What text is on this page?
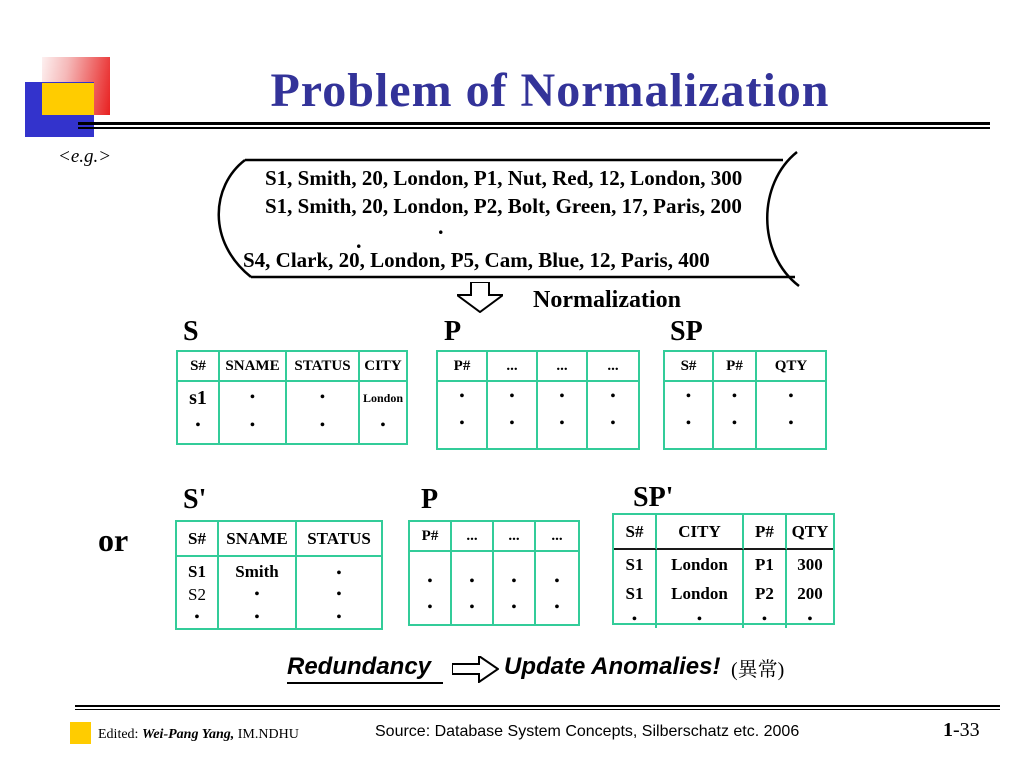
Problem of Normalization
<e.g.>
S1, Smith, 20, London, P1, Nut, Red, 12, London, 300
S1, Smith, 20, London, P2, Bolt, Green, 17, Paris, 200
.
.
S4, Clark, 20, London, P5, Cam, Blue, 12, Paris, 400
Normalization
S
S#	SNAME STATUS CITY
s1	•	•	London
•	•	•	•
P
P#	...	...	...
•	•	•	•
•	•	•	•
SP
S#	P#	QTY
•	•	•
•	•	•
or
S'
S#	SNAME	STATUS
S1	Smith	•
S2	•	•
•	•	•
P
P#	...	...	...
•	•	•	•
•	•	•	•
SP'
S#	CITY	P#	QTY
S1	London	P1	300
S1	London	P2	200
•	•	•	•
Redundancy	Update Anomalies! (異常)
Edited: Wei-Pang Yang, IM.NDHU	Source: Database System Concepts, Silberschatz etc. 2006	1-33
